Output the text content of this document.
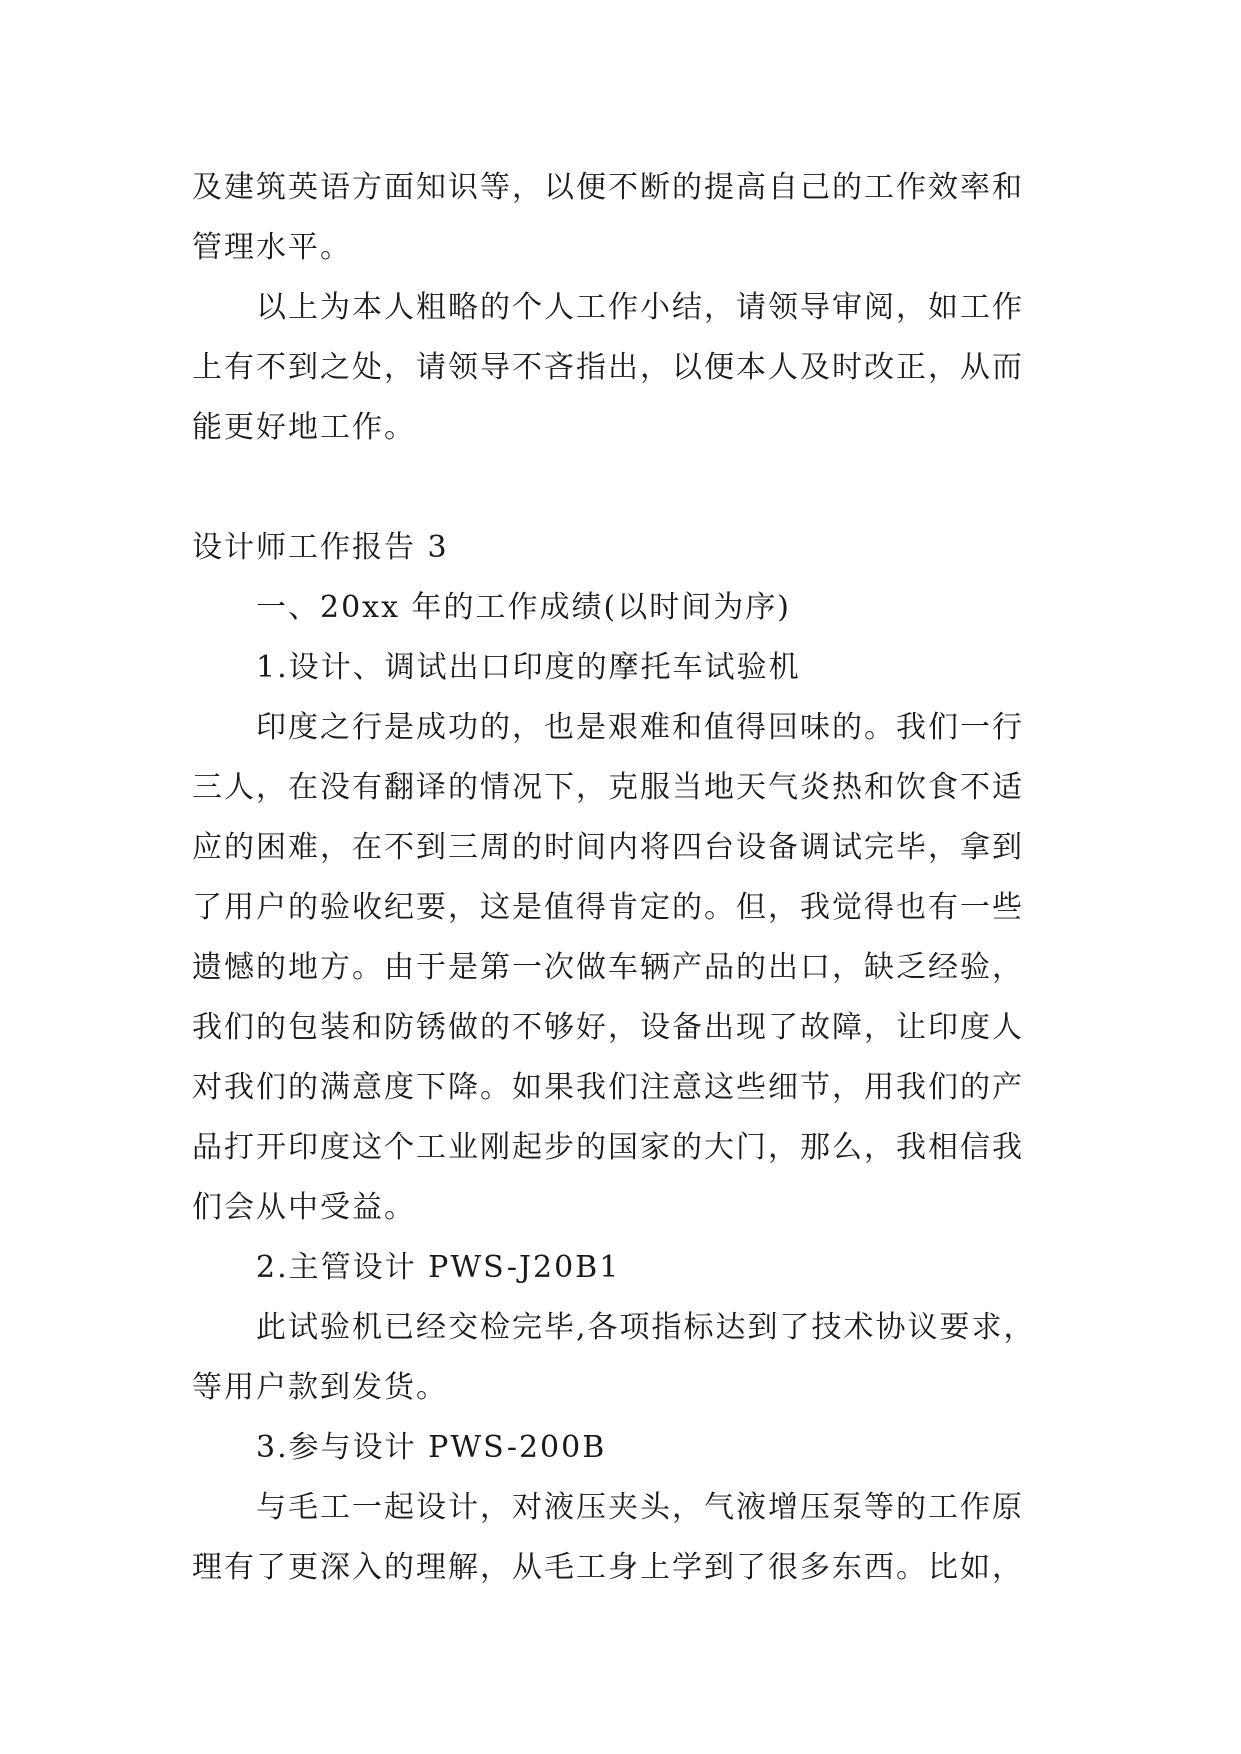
及建筑英语方面知识等，以便不断的提高自己的工作效率和
管理水平。
以上为本人粗略的个人工作小结，请领导审阅，如工作
上有不到之处，请领导不吝指出，以便本人及时改正，从而
能更好地工作。
设计师工作报告 3
一、20xx 年的工作成绩(以时间为序)
1.设计、调试出口印度的摩托车试验机
印度之行是成功的，也是艰难和值得回味的。我们一行
三人，在没有翻译的情况下，克服当地天气炎热和饮食不适
应的困难，在不到三周的时间内将四台设备调试完毕，拿到
了用户的验收纪要，这是值得肯定的。但，我觉得也有一些
遗憾的地方。由于是第一次做车辆产品的出口，缺乏经验，
我们的包装和防锈做的不够好，设备出现了故障，让印度人
对我们的满意度下降。如果我们注意这些细节，用我们的产
品打开印度这个工业刚起步的国家的大门，那么，我相信我
们会从中受益。
2.主管设计 PWS-J20B1
此试验机已经交检完毕,各项指标达到了技术协议要求，
等用户款到发货。
3.参与设计 PWS-200B
与毛工一起设计，对液压夹头，气液增压泵等的工作原
理有了更深入的理解，从毛工身上学到了很多东西。比如，
